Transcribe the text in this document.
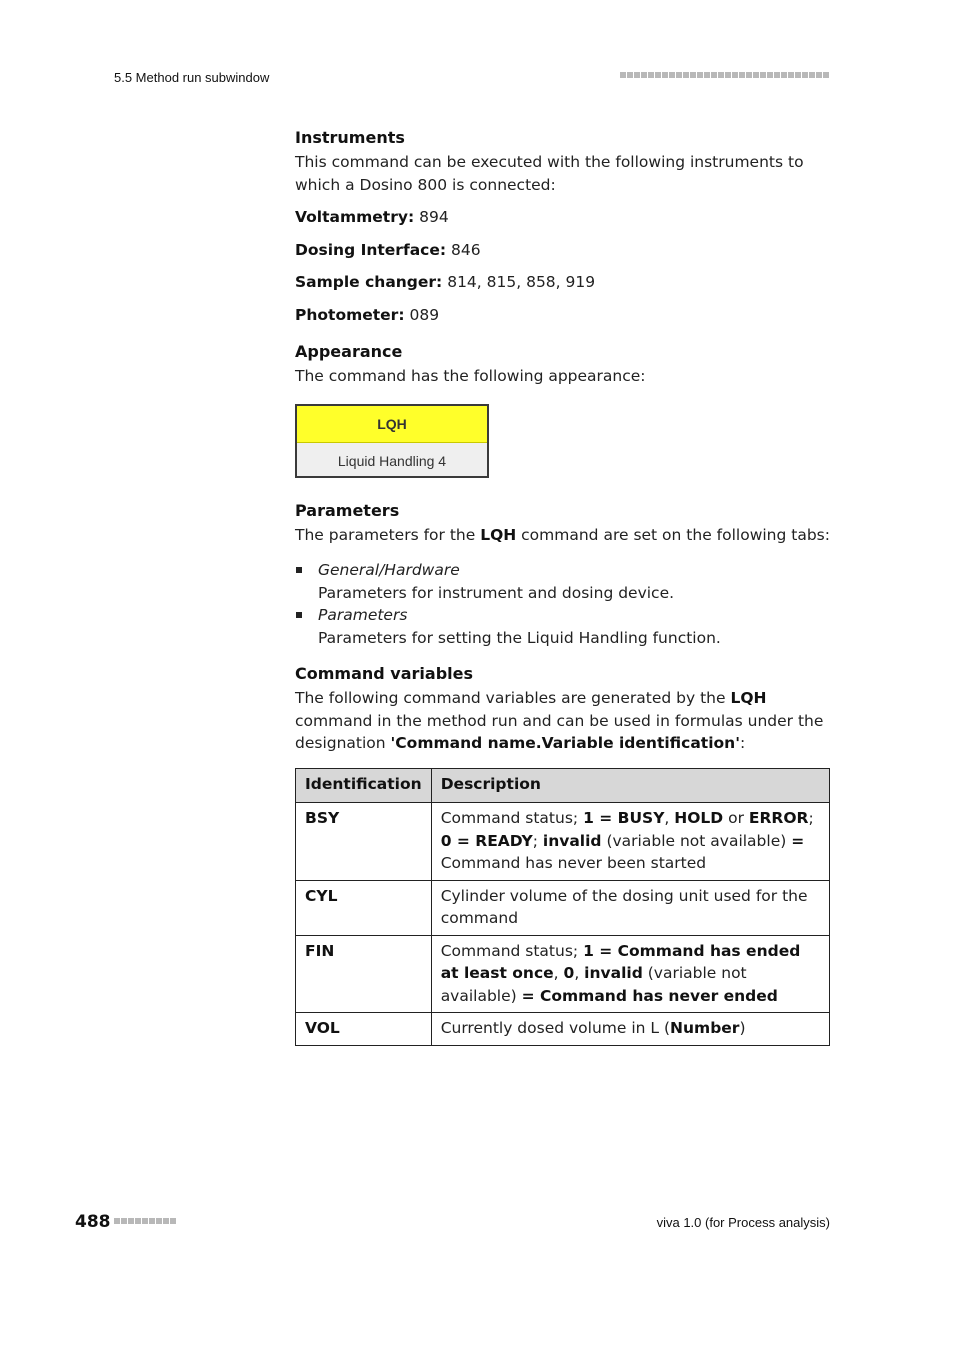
5.5 Method run subwindow
Instruments

This command can be executed with the following instruments to which a Dosino 800 is connected:

Voltammetry: 894

Dosing Interface: 846

Sample changer: 814, 815, 858, 919

Photometer: 089

Appearance

The command has the following appearance:

LQH
Liquid Handling 4
Parameters

The parameters for the LQH command are set on the following tabs:

General/Hardware
Parameters for instrument and dosing device.
Parameters
Parameters for setting the Liquid Handling function.
Command variables

The following command variables are generated by the LQH command in the method run and can be used in formulas under the designation 'Command name.Variable identification':

Identification	Description
BSY	Command status; 1 = BUSY, HOLD or ERROR; 0 = READY; invalid (variable not available) = Command has never been started
CYL	Cylinder volume of the dosing unit used for the command
FIN	Command status; 1 = Command has ended at least once, 0, invalid (variable not available) = Command has never ended
VOL	Currently dosed volume in L (Number)
488	viva 1.0 (for Process analysis)
